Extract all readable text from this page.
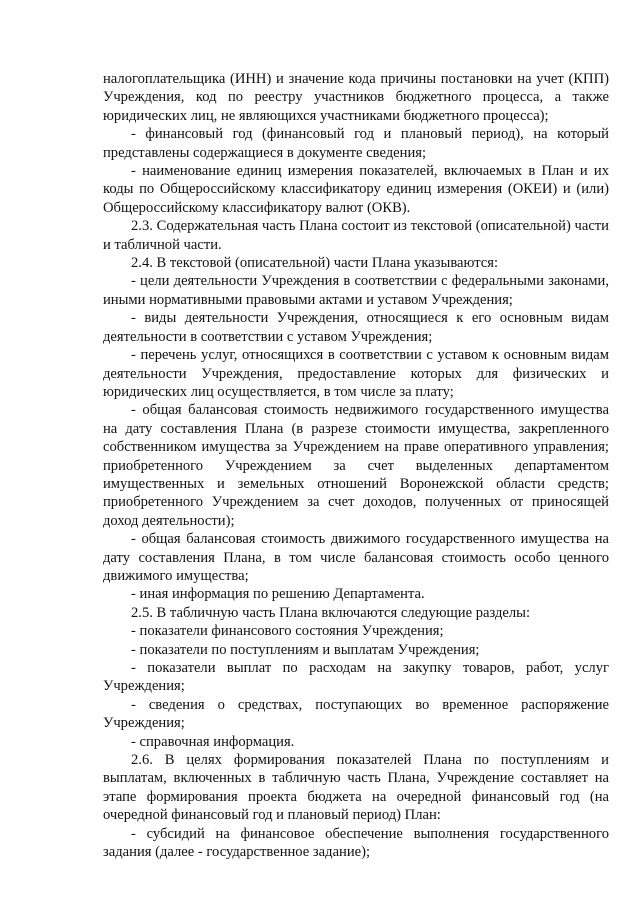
налогоплательщика (ИНН) и значение кода причины постановки на учет (КПП) Учреждения, код по реестру участников бюджетного процесса, а также юридических лиц, не являющихся участниками бюджетного процесса);

- финансовый год (финансовый год и плановый период), на который представлены содержащиеся в документе сведения;

- наименование единиц измерения показателей, включаемых в План и их коды по Общероссийскому классификатору единиц измерения (ОКЕИ) и (или) Общероссийскому классификатору валют (ОКВ).

2.3. Содержательная часть Плана состоит из текстовой (описательной) части и табличной части.

2.4. В текстовой (описательной) части Плана указываются:

- цели деятельности Учреждения в соответствии с федеральными законами, иными нормативными правовыми актами и уставом Учреждения;

- виды деятельности Учреждения, относящиеся к его основным видам деятельности в соответствии с уставом Учреждения;

- перечень услуг, относящихся в соответствии с уставом к основным видам деятельности Учреждения, предоставление которых для физических и юридических лиц осуществляется, в том числе за плату;

- общая балансовая стоимость недвижимого государственного имущества на дату составления Плана (в разрезе стоимости имущества, закрепленного собственником имущества за Учреждением на праве оперативного управления; приобретенного Учреждением за счет выделенных департаментом имущественных и земельных отношений Воронежской области средств; приобретенного Учреждением за счет доходов, полученных от приносящей доход деятельности);

- общая балансовая стоимость движимого государственного имущества на дату составления Плана, в том числе балансовая стоимость особо ценного движимого имущества;

- иная информация по решению Департамента.

2.5. В табличную часть Плана включаются следующие разделы:

- показатели финансового состояния Учреждения;

- показатели по поступлениям и выплатам Учреждения;

- показатели выплат по расходам на закупку товаров, работ, услуг Учреждения;

- сведения о средствах, поступающих во временное распоряжение Учреждения;

- справочная информация.

2.6. В целях формирования показателей Плана по поступлениям и выплатам, включенных в табличную часть Плана, Учреждение составляет на этапе формирования проекта бюджета на очередной финансовый год (на очередной финансовый год и плановый период) План:

- субсидий на финансовое обеспечение выполнения государственного задания (далее - государственное задание);
